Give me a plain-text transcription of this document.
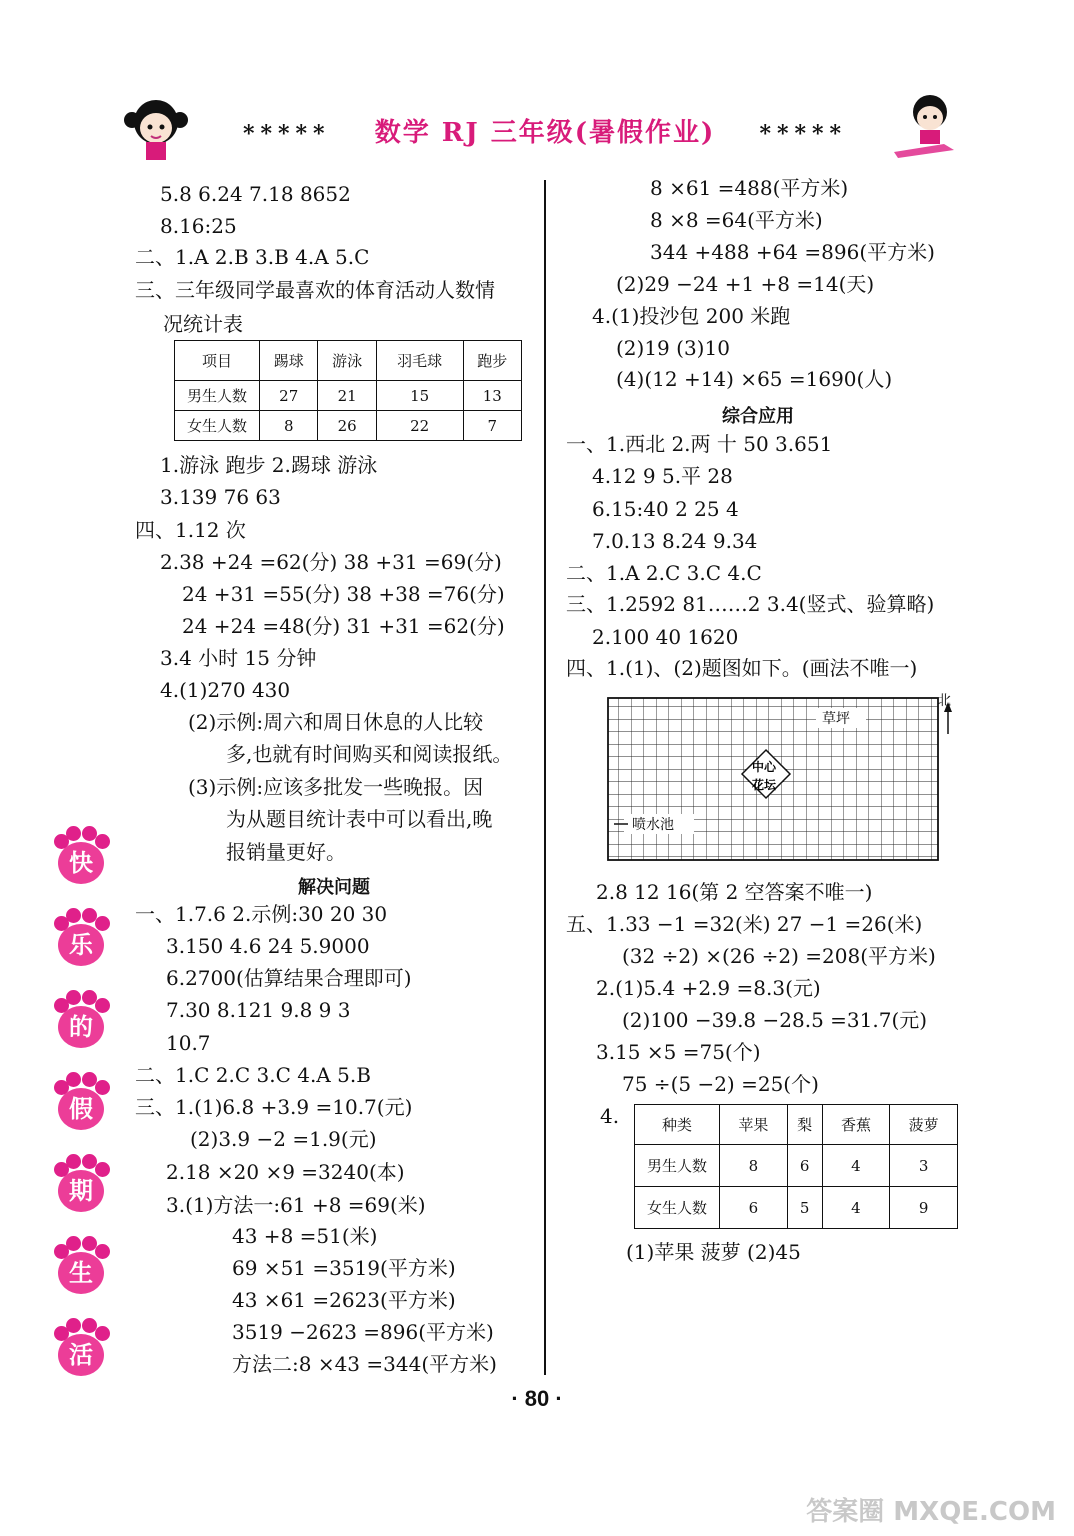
***** 数学 RJ 三年级(暑假作业) *****
5.8 6.24 7.18 8652
8.16:25
二、1.A 2.B 3.B 4.A 5.C
三、三年级同学最喜欢的体育活动人数情
况统计表
项目	踢球	游泳	羽毛球	跑步
男生人数	27	21	15	13
女生人数	8	26	22	7
1.游泳 跑步 2.踢球 游泳
3.139 76 63
四、1.12 次
2.38 +24 =62(分) 38 +31 =69(分)
24 +31 =55(分) 38 +38 =76(分)
24 +24 =48(分) 31 +31 =62(分)
3.4 小时 15 分钟
4.(1)270 430
(2)示例:周六和周日休息的人比较
多,也就有时间购买和阅读报纸。
(3)示例:应该多批发一些晚报。因
为从题目统计表中可以看出,晚
报销量更好。
解决问题
一、1.7.6 2.示例:30 20 30
3.150 4.6 24 5.9000
6.2700(估算结果合理即可)
7.30 8.121 9.8 9 3
10.7
二、1.C 2.C 3.C 4.A 5.B
三、1.(1)6.8 +3.9 =10.7(元)
(2)3.9 −2 =1.9(元)
2.18 ×20 ×9 =3240(本)
3.(1)方法一:61 +8 =69(米)
43 +8 =51(米)
69 ×51 =3519(平方米)
43 ×61 =2623(平方米)
3519 −2623 =896(平方米)
方法二:8 ×43 =344(平方米)
8 ×61 =488(平方米)
8 ×8 =64(平方米)
344 +488 +64 =896(平方米)
(2)29 −24 +1 +8 =14(天)
4.(1)投沙包 200 米跑
(2)19 (3)10
(4)(12 +14) ×65 =1690(人)
综合应用
一、1.西北 2.两 十 50 3.651
4.12 9 5.平 28
6.15:40 2 25 4
7.0.13 8.24 9.34
二、1.A 2.C 3.C 4.C
三、1.2592 81……2 3.4(竖式、验算略)
2.100 40 1620
四、1.(1)、(2)题图如下。(画法不唯一)
草坪
中心
花坛
喷水池
北
2.8 12 16(第 2 空答案不唯一)
五、1.33 −1 =32(米) 27 −1 =26(米)
(32 ÷2) ×(26 ÷2) =208(平方米)
2.(1)5.4 +2.9 =8.3(元)
(2)100 −39.8 −28.5 =31.7(元)
3.15 ×5 =75(个)
75 ÷(5 −2) =25(个)
4.	种类	苹果	梨	香蕉	菠萝
男生人数	8	6	4	3
女生人数	6	5	4	9
(1)苹果 菠萝 (2)45
快
乐
的
假
期
生
活
· 80 ·
答案圈 MXQE.COM
